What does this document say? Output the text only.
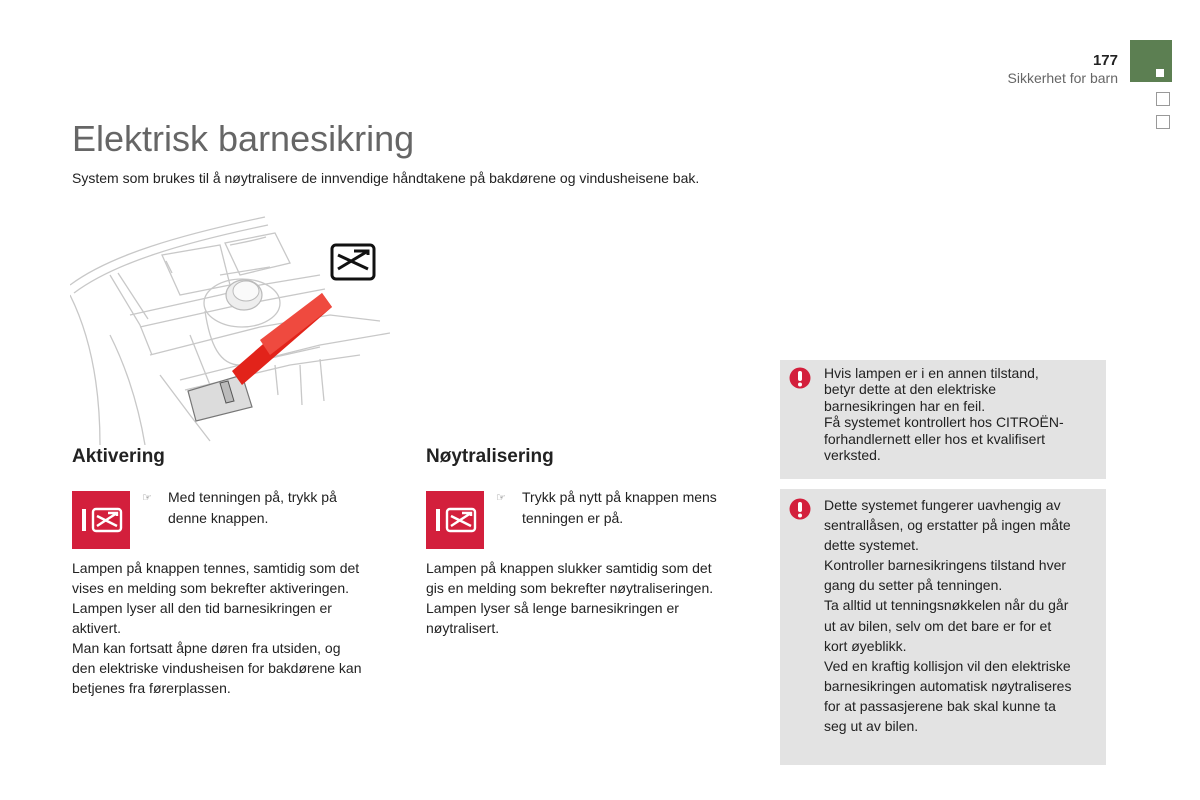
177
Sikkerhet for barn
Elektrisk barnesikring
System som brukes til å nøytralisere de innvendige håndtakene på bakdørene og vindusheisene bak.
Aktivering
☞	Med tenningen på, trykk på
denne knappen.
Lampen på knappen tennes, samtidig som det
vises en melding som bekrefter aktiveringen.
Lampen lyser all den tid barnesikringen er
aktivert.
Man kan fortsatt åpne døren fra utsiden, og
den elektriske vindusheisen for bakdørene kan
betjenes fra førerplassen.
Nøytralisering
☞	Trykk på nytt på knappen mens
tenningen er på.
Lampen på knappen slukker samtidig som det
gis en melding som bekrefter nøytraliseringen.
Lampen lyser så lenge barnesikringen er
nøytralisert.
Hvis lampen er i en annen tilstand,
betyr dette at den elektriske
barnesikringen har en feil.
Få systemet kontrollert hos CITROËN-
forhandlernett eller hos et kvalifisert
verksted.
Dette systemet fungerer uavhengig av
sentrallåsen, og erstatter på ingen måte
dette systemet.
Kontroller barnesikringens tilstand hver
gang du setter på tenningen.
Ta alltid ut tenningsnøkkelen når du går
ut av bilen, selv om det bare er for et
kort øyeblikk.
Ved en kraftig kollisjon vil den elektriske
barnesikringen automatisk nøytraliseres
for at passasjerene bak skal kunne ta
seg ut av bilen.
